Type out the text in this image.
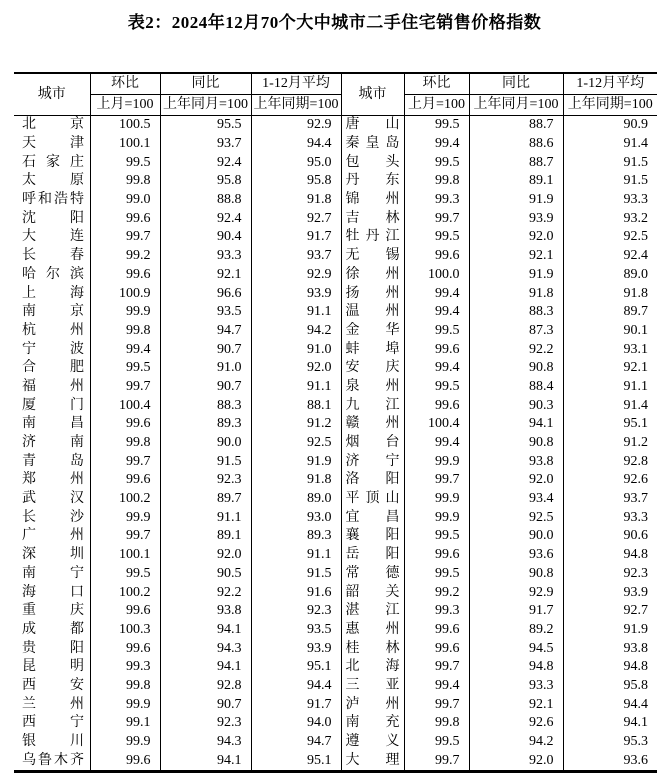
表2：2024年12月70个大中城市二手住宅销售价格指数
城市	环比	同比	1-12月平均	城市	环比	同比	1-12月平均
	上月=100	上年同月=100	上年同期=100		上月=100	上年同月=100	上年同期=100

北 京	100.5	95.5	92.9	唐 山	99.5	88.7	90.9

天 津	100.1	93.7	94.4	秦 皇 岛	99.4	88.6	91.4

石 家 庄	99.5	92.4	95.0	包 头	99.5	88.7	91.5

太 原	99.8	95.8	95.8	丹 东	99.8	89.1	91.5

呼 和 浩 特	99.0	88.8	91.8	锦 州	99.3	91.9	93.3

沈 阳	99.6	92.4	92.7	吉 林	99.7	93.9	93.2

大 连	99.7	90.4	91.7	牡 丹 江	99.5	92.0	92.5

长 春	99.2	93.3	93.7	无 锡	99.6	92.1	92.4

哈 尔 滨	99.6	92.1	92.9	徐 州	100.0	91.9	89.0

上 海	100.9	96.6	93.9	扬 州	99.4	91.8	91.8

南 京	99.9	93.5	91.1	温 州	99.4	88.3	89.7

杭 州	99.8	94.7	94.2	金 华	99.5	87.3	90.1

宁 波	99.4	90.7	91.0	蚌 埠	99.6	92.2	93.1

合 肥	99.5	91.0	92.0	安 庆	99.4	90.8	92.1

福 州	99.7	90.7	91.1	泉 州	99.5	88.4	91.1

厦 门	100.4	88.3	88.1	九 江	99.6	90.3	91.4

南 昌	99.6	89.3	91.2	赣 州	100.4	94.1	95.1

济 南	99.8	90.0	92.5	烟 台	99.4	90.8	91.2

青 岛	99.7	91.5	91.9	济 宁	99.9	93.8	92.8

郑 州	99.6	92.3	91.8	洛 阳	99.7	92.0	92.6

武 汉	100.2	89.7	89.0	平 顶 山	99.9	93.4	93.7

长 沙	99.9	91.1	93.0	宜 昌	99.9	92.5	93.3

广 州	99.7	89.1	89.3	襄 阳	99.5	90.0	90.6

深 圳	100.1	92.0	91.1	岳 阳	99.6	93.6	94.8

南 宁	99.5	90.5	91.5	常 德	99.5	90.8	92.3

海 口	100.2	92.2	91.6	韶 关	99.2	92.9	93.9

重 庆	99.6	93.8	92.3	湛 江	99.3	91.7	92.7

成 都	100.3	94.1	93.5	惠 州	99.6	89.2	91.9

贵 阳	99.6	94.3	93.9	桂 林	99.6	94.5	93.8

昆 明	99.3	94.1	95.1	北 海	99.7	94.8	94.8

西 安	99.8	92.8	94.4	三 亚	99.4	93.3	95.8

兰 州	99.9	90.7	91.7	泸 州	99.7	92.1	94.4

西 宁	99.1	92.3	94.0	南 充	99.8	92.6	94.1

银 川	99.9	94.3	94.7	遵 义	99.5	94.2	95.3

乌 鲁 木 齐	99.6	94.1	95.1	大 理	99.7	92.0	93.6
